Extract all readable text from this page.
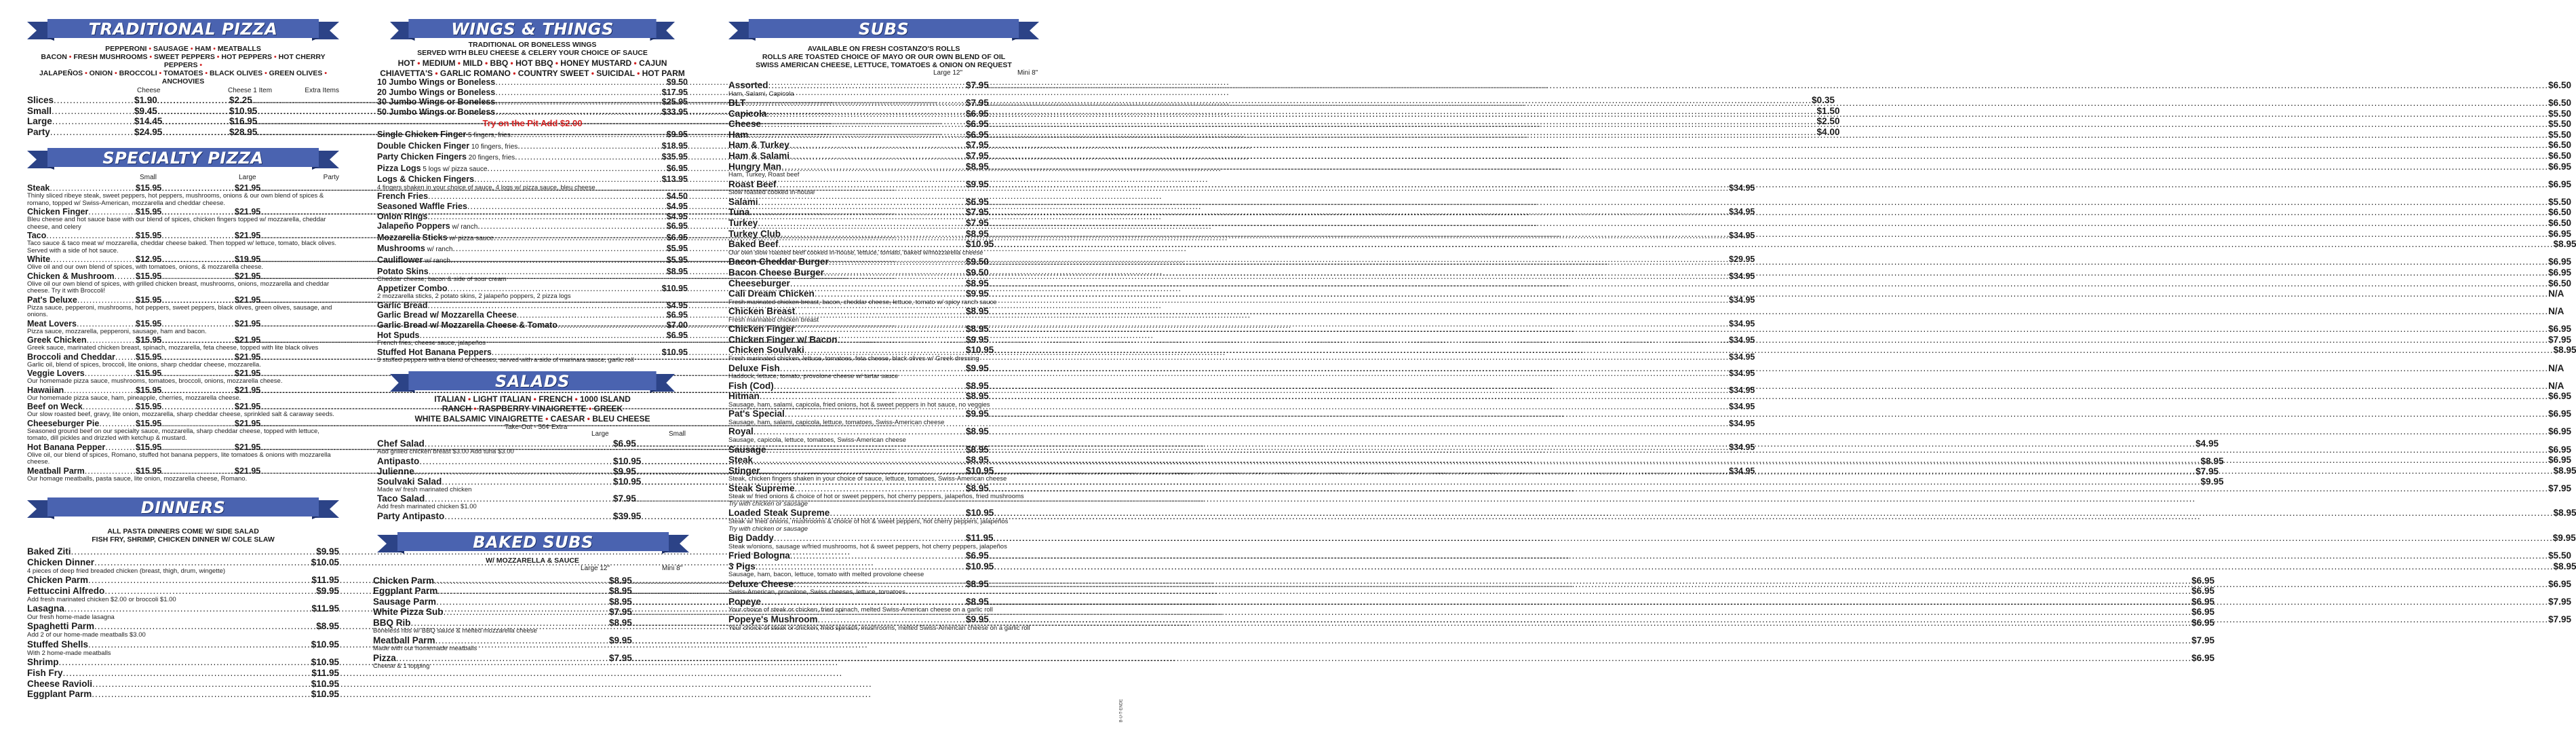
TRADITIONAL PIZZA
PEPPERONI • SAUSAGE • HAM • MEATBALLS
BACON • FRESH MUSHROOMS • SWEET PEPPERS • HOT PEPPERS • HOT CHERRY PEPPERS •
JALAPEÑOS • ONION • BROCCOLI • TOMATOES • BLACK OLIVES • GREEN OLIVES • ANCHOVIES
Cheese	Cheese 1 Item	Extra Items
Slices .....	$1.90 .....	$2.25 ..... .....	$0.35
Small .....	$9.45 .....	$10.95 ..... .....	$1.50
Large .....	$14.45 .....	$16.95 ..... .....	$2.50
Party .....	$24.95 .....	$28.95 ..... .....	$4.00
SPECIALTY PIZZA
Small	Large	Party
Steak .....	$15.95 .....	$21.95 ..... .....	$34.95
Thinly sliced ribeye steak, sweet peppers, hot peppers, mushrooms, onions & our own blend of spices & romano, topped w/ Swiss-American, mozzarella and cheddar cheese.
Chicken Finger .....	$15.95 .....	$21.95 ..... .....	$34.95
Bleu cheese and hot sauce base with our blend of spices, chicken fingers topped w/ mozzarella, cheddar cheese, and celery
Taco .....	$15.95 .....	$21.95 ..... .....	$34.95
Taco sauce & taco meat w/ mozzarella, cheddar cheese baked. Then topped w/ lettuce, tomato, black olives. Served with a side of hot sauce.
White .....	$12.95 .....	$19.95 ..... .....	$29.95
Olive oil and our own blend of spices, with tomatoes, onions, & mozzarella cheese.
Chicken & Mushroom .....	$15.95 .....	$21.95 ..... .....	$34.95
Olive oil our own blend of spices, with grilled chicken breast, mushrooms, onions, mozzarella and cheddar cheese. Try it with Broccoli!
Pat's Deluxe .....	$15.95 .....	$21.95 ..... .....	$34.95
Pizza sauce, pepperoni, mushrooms, hot peppers, sweet peppers, black olives, green olives, sausage, and onions.
Meat Lovers .....	$15.95 .....	$21.95 ..... .....	$34.95
Pizza sauce, mozzarella, pepperoni, sausage, ham and bacon.
Greek Chicken .....	$15.95 .....	$21.95 ..... .....	$34.95
Greek sauce, marinated chicken breast, spinach, mozzarella, feta cheese, topped with lite black olives
Broccoli and Cheddar ..... $15.95 .....	$21.95 ..... .....	$34.95
Garlic oil, blend of spices, broccoli, lite onions, sharp cheddar cheese, mozzarella.
Veggie Lovers .....	$15.95 .....	$21.95 ..... .....	$34.95
Our homemade pizza sauce, mushrooms, tomatoes, broccoli, onions, mozzarella cheese.
Hawaiian .....	$15.95 .....	$21.95 ..... .....	$34.95
Our homemade pizza sauce, ham, pineapple, cherries, mozzarella cheese.
Beef on Weck .....	$15.95 .....	$21.95 ..... .....	$34.95
Our slow roasted beef, gravy, lite onion, mozzarella, sharp cheddar cheese, sprinkled salt & caraway seeds.
Cheeseburger Pie .....	$15.95 .....	$21.95 ..... .....	$34.95
Seasoned ground beef on our specialty sauce, mozzarella, sharp cheddar cheese, topped with lettuce, tomato, dill pickles and drizzled with ketchup & mustard.
Hot Banana Pepper .....	$15.95 .....	$21.95 ..... .....	$34.95
Olive oil, our blend of spices, Romano, stuffed hot banana peppers, lite tomatoes & onions with mozzarella cheese.
Meatball Parm .....	$15.95 .....	$21.95 ..... .....	$34.95
Our homage meatballs, pasta sauce, lite onion, mozzarella cheese, Romano.
DINNERS
ALL PASTA DINNERS COME W/ SIDE SALAD
FISH FRY, SHRIMP, CHICKEN DINNER W/ COLE SLAW
Baked Ziti .....	$9.95
Chicken Dinner .....	$10.05
4 pieces of deep fried breaded chicken (breast, thigh, drum, wingette)
Chicken Parm .....	$11.95
Fettuccini Alfredo .....	$9.95
Add fresh marinated chicken $2.00 or broccoli $1.00
Lasagna .....	$11.95
Our fresh home-made lasagna
Spaghetti Parm .....	$8.95
Add 2 of our home-made meatballs $3.00
Stuffed Shells .....	$10.95
With 2 home-made meatballs
Shrimp .....	$10.95
Fish Fry .....	$11.95
Cheese Ravioli .....	$10.95
Eggplant Parm .....	$10.95
WINGS & THINGS
TRADITIONAL OR BONELESS WINGS
SERVED WITH BLEU CHEESE & CELERY YOUR CHOICE OF SAUCE
HOT • MEDIUM • MILD • BBQ • HOT BBQ • HONEY MUSTARD • CAJUN
CHIAVETTA'S • GARLIC ROMANO • COUNTRY SWEET • SUICIDAL • HOT PARM
10 Jumbo Wings or Boneless .....	$9.50
20 Jumbo Wings or Boneless .....	$17.95
30 Jumbo Wings or Boneless .....	$25.95
50 Jumbo Wings or Boneless .....	$33.95
Try on the Pit Add $2.00
Single Chicken Finger 5 fingers, fries .....	$9.95
Double Chicken Finger 10 fingers, fries .....	$18.95
Party Chicken Fingers 20 fingers, fries .....	$35.95
Pizza Logs 5 logs w/ pizza sauce .....	$6.95
Logs & Chicken Fingers .....	$13.95
4 fingers shaken in your choice of sauce, 4 logs w/ pizza sauce, bleu cheese
French Fries .....	$4.50
Seasoned Waffle Fries .....	$4.95
Onion Rings .....	$4.95
Jalapeño Poppers w/ ranch .....	$6.95
Mozzarella Sticks w/ pizza sauce .....	$6.95
Mushrooms w/ ranch .....	$5.95
Cauliflower w/ ranch .....	$5.95
Potato Skins .....	$8.95
Cheddar cheese, bacon & side of sour cream
Appetizer Combo .....	$10.95
2 mozzarella sticks, 2 potato skins, 2 jalapeño poppers, 2 pizza logs
Garlic Bread .....	$4.95
Garlic Bread w/ Mozzarella Cheese .....	$6.95
Garlic Bread w/ Mozzarella Cheese & Tomato .....	$7.00
Hot Spuds .....	$6.95
French fries, cheese sauce, jalapeños
Stuffed Hot Banana Peppers .....	$10.95
3 stuffed peppers with a blend of cheeses, served with a side of marinara sauce, garlic roll
SALADS
ITALIAN • LIGHT ITALIAN • FRENCH • 1000 ISLAND
RANCH • RASPBERRY VINAIGRETTE • GREEK
WHITE BALSAMIC VINAIGRETTE • CAESAR • BLEU CHEESE
Take-Out - 50¢ Extra
Large	Small
Chef Salad .....	$6.95 ..... .....	$4.95
Add grilled chicken breast $3.00 Add tuna $3.00
Antipasto .....	$10.95 ..... .....	$8.95
Julienne .....	$9.95 ..... .....	$7.95
Soulvaki Salad .....	$10.95 ..... .....	$9.95
Made w/ fresh marinated chicken
Taco Salad .....	$7.95
.....
.....
Add fresh marinated chicken $1.00
Party Antipasto .....	$39.95
.....
.....
BAKED SUBS
W/ MOZZARELLA & SAUCE
Large 12"	Mini 8"
Chicken Parm .....	$8.95 ..... .....	$6.95
Eggplant Parm .....	$8.95 ..... .....	$6.95
Sausage Parm .....	$8.95 ..... .....	$6.95
White Pizza Sub .....	$7.95 ..... .....	$6.95
BBQ Rib .....	$8.95 ..... .....	$6.95
Boneless ribs w/ BBQ sauce & melted mozzarella cheese
Meatball Parm .....	$9.95 ..... .....	$7.95
Made with our homemade meatballs
Pizza .....	$7.95 ..... .....	$6.95
Cheese & 1 topping
SUBS
AVAILABLE ON FRESH COSTANZO'S ROLLS
ROLLS ARE TOASTED CHOICE OF MAYO OR OUR OWN BLEND OF OIL
SWISS AMERICAN CHEESE, LETTUCE, TOMATOES & ONION ON REQUEST
Large 12"	Mini 8"
Assorted .....	$7.95 ..... .....	$6.50
Ham, Salami, Capicola
BLT .....	$7.95 ..... .....	$6.50
Capicola .....	$6.95 ..... .....	$5.50
Cheese .....	$6.95 ..... .....	$5.50
Ham .....	$6.95 ..... .....	$5.50
Ham & Turkey .....	$7.95 ..... .....	$6.50
Ham & Salami .....	$7.95 ..... .....	$6.50
Hungry Man .....	$8.95 ..... .....	$6.95
Ham, Turkey, Roast beef
Roast Beef .....	$9.95 ..... .....	$6.95
Slow roasted cooked in-house
Salami .....	$6.95 ..... .....	$5.50
Tuna .....	$7.95 ..... .....	$6.50
Turkey .....	$7.95 ..... .....	$6.50
Turkey Club .....	$8.95 ..... .....	$6.95
Baked Beef .....	$10.95 ..... .....	$8.95
Our own slow roasted beef cooked in-house, lettuce, tomato, baked w/mozzarella cheese
Bacon Cheddar Burger .....	$9.50 ..... .....	$6.95
Bacon Cheese Burger .....	$9.50 ..... .....	$6.95
Cheeseburger .....	$8.95 ..... .....	$6.50
Cali Dream Chicken .....	$9.95 ..... .....	N/A
Fresh marinated chicken breast, bacon, cheddar cheese, lettuce, tomato w/ spicy ranch sauce
Chicken Breast .....	$8.95 ..... .....	N/A
Fresh marinated chicken breast
Chicken Finger .....	$8.95 ..... .....	$6.95
Chicken Finger w/ Bacon .....	$9.95 ..... .....	$7.95
Chicken Soulvaki .....	$10.95 ..... .....	$8.95
Fresh marinated chicken, lettuce, tomatoes, feta cheese, black olives w/ Greek dressing
Deluxe Fish .....	$9.95 ..... .....	N/A
Haddock, lettuce, tomato, provolone cheese w/ tartar sauce
Fish (Cod) .....	$8.95 ..... .....	N/A
Hitman .....	$8.95 ..... .....	$6.95
Sausage, ham, salami, capicola, fried onions, hot & sweet peppers in hot sauce, no veggies
Pat's Special .....	$9.95 ..... .....	$6.95
Sausage, ham, salami, capicola, lettuce, tomatoes, Swiss-American cheese
Royal .....	$8.95 ..... .....	$6.95
Sausage, capicola, lettuce, tomatoes, Swiss-American cheese
Sausage .....	$8.95 ..... .....	$6.95
Steak .....	$8.95 ..... .....	$6.95
Stinger .....	$10.95 ..... .....	$8.95
Steak, chicken fingers shaken in your choice of sauce, lettuce, tomatoes, Swiss-American cheese
Steak Supreme .....	$8.95 ..... .....	$7.95
Steak w/ fried onions & choice of hot or sweet peppers, hot cherry peppers, jalapeños, fried mushrooms
Try with chicken or sausage
Loaded Steak Supreme .....	$10.95 ..... .....	$8.95
Steak w/ fried onions, mushrooms & choice of hot & sweet peppers, hot cherry peppers, jalapeños
Try with chicken or sausage
Big Daddy .....	$11.95 ..... .....	$9.95
Steak w/onions, sausage w/fried mushrooms, hot & sweet peppers, hot cherry peppers, jalapeños
Fried Bologna .....	$6.95 ..... .....	$5.50
3 Pigs .....	$10.95 ..... .....	$8.95
Sausage, ham, bacon, lettuce, tomato with melted provolone cheese
Deluxe Cheese .....	$8.95 ..... .....	$6.95
Swiss-American, provolone, Swiss cheeses, lettuce, tomatoes
Popeye .....	$8.95 ..... .....	$7.95
Your choice of steak or chicken, fried spinach, melted Swiss-American cheese on a garlic roll
Popeye's Mushroom .....	$9.95 ..... .....	$7.95
Your choice of steak or chicken, fried spinach, mushrooms, melted Swiss-American cheese on a garlic roll
B-U-T-ENDE
